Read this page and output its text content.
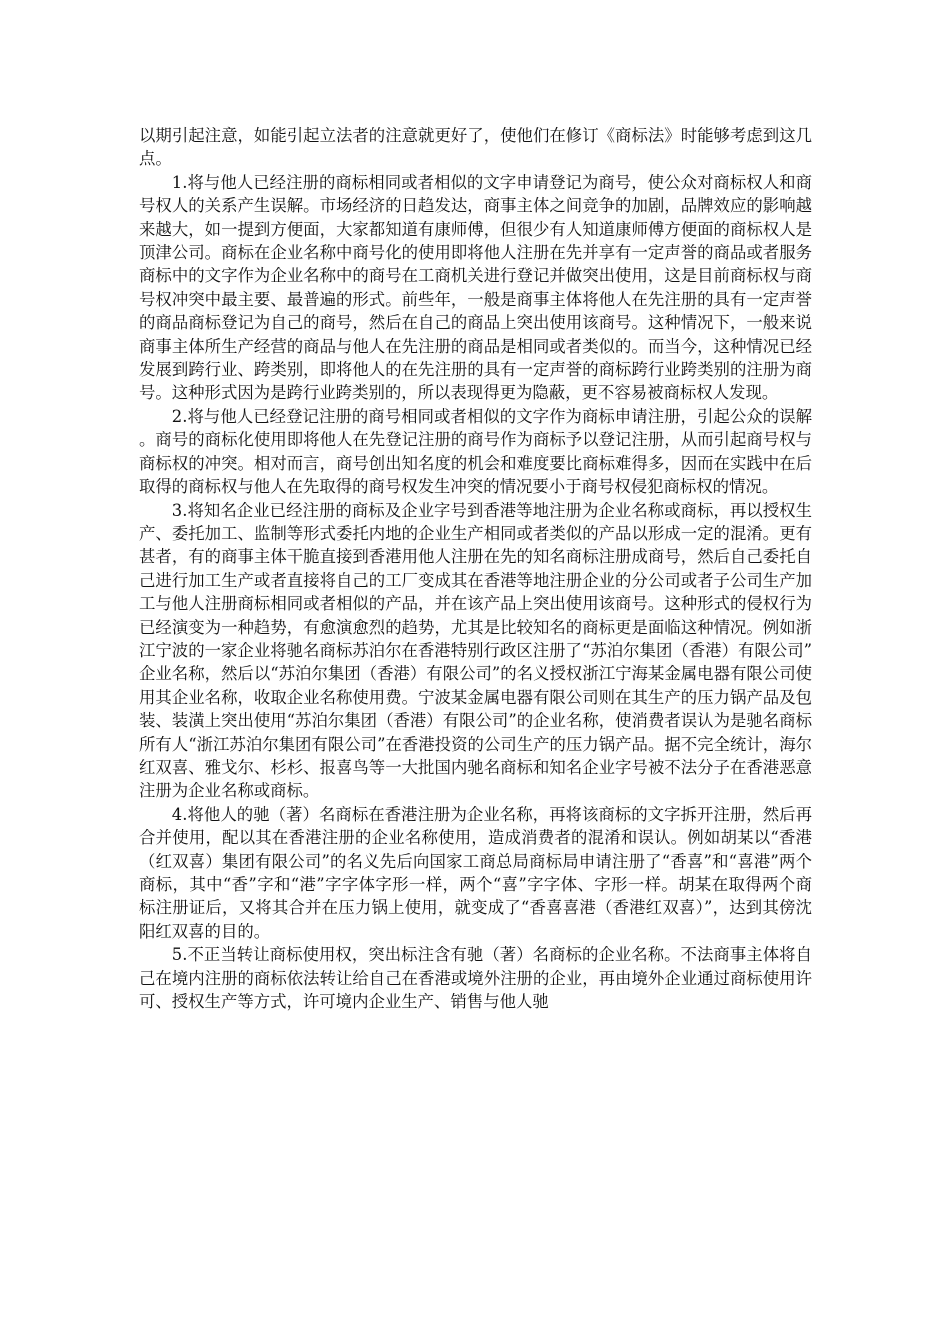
以期引起注意，如能引起立法者的注意就更好了，使他们在修订《商标法》时能够考虑到这几点。

1.将与他人已经注册的商标相同或者相似的文字申请登记为商号，使公众对商标权人和商号权人的关系产生误解。市场经济的日趋发达，商事主体之间竞争的加剧，品牌效应的影响越来越大，如一提到方便面，大家都知道有康师傅，但很少有人知道康师傅方便面的商标权人是顶津公司。商标在企业名称中商号化的使用即将他人注册在先并享有一定声誉的商品或者服务商标中的文字作为企业名称中的商号在工商机关进行登记并做突出使用，这是目前商标权与商号权冲突中最主要、最普遍的形式。前些年，一般是商事主体将他人在先注册的具有一定声誉的商品商标登记为自己的商号，然后在自己的商品上突出使用该商号。这种情况下，一般来说商事主体所生产经营的商品与他人在先注册的商品是相同或者类似的。而当今，这种情况已经发展到跨行业、跨类别，即将他人的在先注册的具有一定声誉的商标跨行业跨类别的注册为商号。这种形式因为是跨行业跨类别的，所以表现得更为隐蔽，更不容易被商标权人发现。

2.将与他人已经登记注册的商号相同或者相似的文字作为商标申请注册，引起公众的误解。商号的商标化使用即将他人在先登记注册的商号作为商标予以登记注册，从而引起商号权与商标权的冲突。相对而言，商号创出知名度的机会和难度要比商标难得多，因而在实践中在后取得的商标权与他人在先取得的商号权发生冲突的情况要小于商号权侵犯商标权的情况。

3.将知名企业已经注册的商标及企业字号到香港等地注册为企业名称或商标，再以授权生产、委托加工、监制等形式委托内地的企业生产相同或者类似的产品以形成一定的混淆。更有甚者，有的商事主体干脆直接到香港用他人注册在先的知名商标注册成商号，然后自己委托自己进行加工生产或者直接将自己的工厂变成其在香港等地注册企业的分公司或者子公司生产加工与他人注册商标相同或者相似的产品，并在该产品上突出使用该商号。这种形式的侵权行为已经演变为一种趋势，有愈演愈烈的趋势，尤其是比较知名的商标更是面临这种情况。例如浙江宁波的一家企业将驰名商标苏泊尔在香港特别行政区注册了“苏泊尔集团（香港）有限公司”企业名称，然后以“苏泊尔集团（香港）有限公司”的名义授权浙江宁海某金属电器有限公司使用其企业名称，收取企业名称使用费。宁波某金属电器有限公司则在其生产的压力锅产品及包装、装潢上突出使用“苏泊尔集团（香港）有限公司”的企业名称，使消费者误认为是驰名商标所有人“浙江苏泊尔集团有限公司”在香港投资的公司生产的压力锅产品。据不完全统计，海尔红双喜、雅戈尔、杉杉、报喜鸟等一大批国内驰名商标和知名企业字号被不法分子在香港恶意注册为企业名称或商标。

4.将他人的驰（著）名商标在香港注册为企业名称，再将该商标的文字拆开注册，然后再合并使用，配以其在香港注册的企业名称使用，造成消费者的混淆和误认。例如胡某以“香港（红双喜）集团有限公司”的名义先后向国家工商总局商标局申请注册了“香喜”和“喜港”两个商标，其中“香”字和“港”字字体字形一样，两个“喜”字字体、字形一样。胡某在取得两个商标注册证后，又将其合并在压力锅上使用，就变成了“香喜喜港（香港红双喜）”，达到其傍沈阳红双喜的目的。

5.不正当转让商标使用权，突出标注含有驰（著）名商标的企业名称。不法商事主体将自己在境内注册的商标依法转让给自己在香港或境外注册的企业，再由境外企业通过商标使用许可、授权生产等方式，许可境内企业生产、销售与他人驰
